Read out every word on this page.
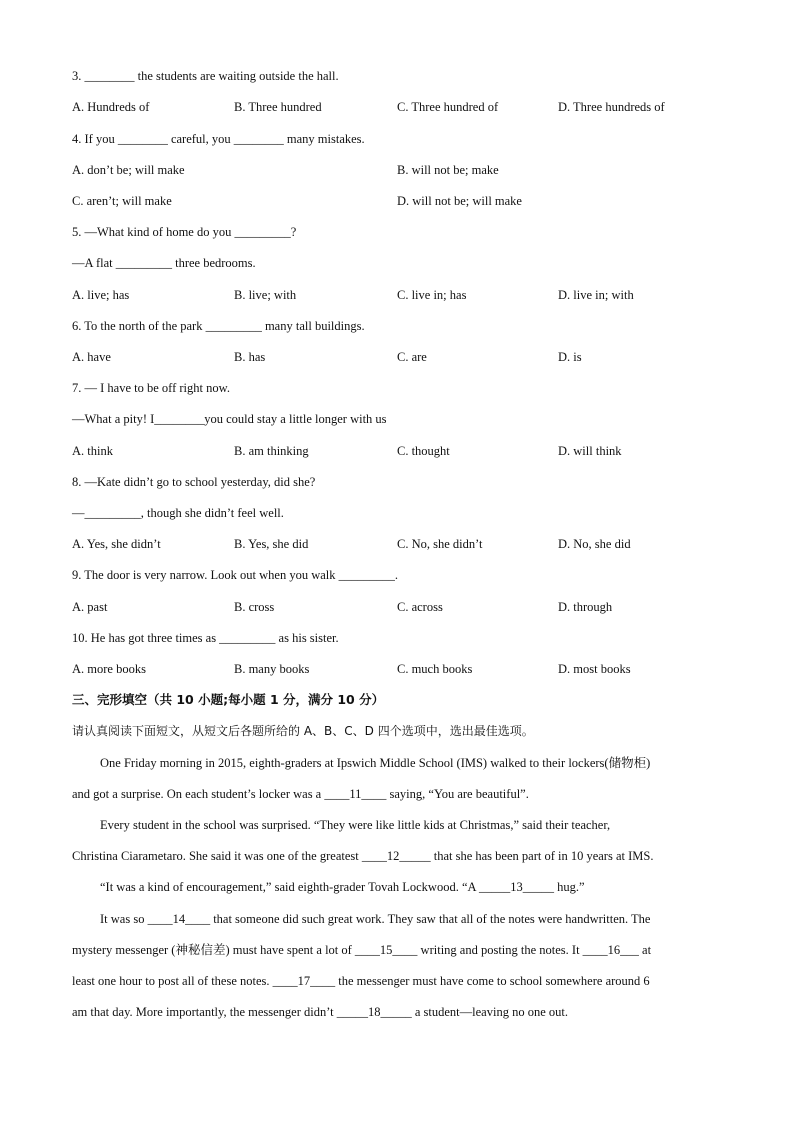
3. ________ the students are waiting outside the hall.
A. Hundreds of	B. Three hundred	C. Three hundred of	D. Three hundreds of
4. If you ________ careful, you ________ many mistakes.
A. don’t be; will make	B. will not be; make
C. aren’t; will make	D. will not be; will make
5. —What kind of home do you _________?
—A flat _________ three bedrooms.
A. live; has	B. live; with	C. live in; has	D. live in; with
6. To the north of the park _________ many tall buildings.
A. have	B. has	C. are	D. is
7. — I have to be off right now.
—What a pity! I________you could stay a little longer with us
A. think	B. am thinking	C. thought	D. will think
8. —Kate didn’t go to school yesterday, did she?
—_________, though she didn’t feel well.
A. Yes, she didn’t	B. Yes, she did	C. No, she didn’t	D. No, she did
9. The door is very narrow. Look out when you walk _________.
A. past	B. cross	C. across	D. through
10. He has got three times as _________ as his sister.
A. more books	B. many books	C. much books	D. most books
三、完形填空（共 10 小题;每小题 1 分，满分 10 分）
请认真阅读下面短文，从短文后各题所给的 A、B、C、D 四个选项中，选出最佳选项。
One Friday morning in 2015, eighth-graders at Ipswich Middle School (IMS) walked to their lockers(储物柜)
and got a surprise. On each student’s locker was a ____11____ saying, “You are beautiful”.
Every student in the school was surprised. “They were like little kids at Christmas,” said their teacher,
Christina Ciarametaro. She said it was one of the greatest ____12_____ that she has been part of in 10 years at IMS.
“It was a kind of encouragement,” said eighth-grader Tovah Lockwood. “A _____13_____ hug.”
It was so ____14____ that someone did such great work. They saw that all of the notes were handwritten. The
mystery messenger (神秘信差) must have spent a lot of ____15____ writing and posting the notes. It ____16___ at
least one hour to post all of these notes. ____17____ the messenger must have come to school somewhere around 6
am that day. More importantly, the messenger didn’t _____18_____ a student—leaving no one out.
